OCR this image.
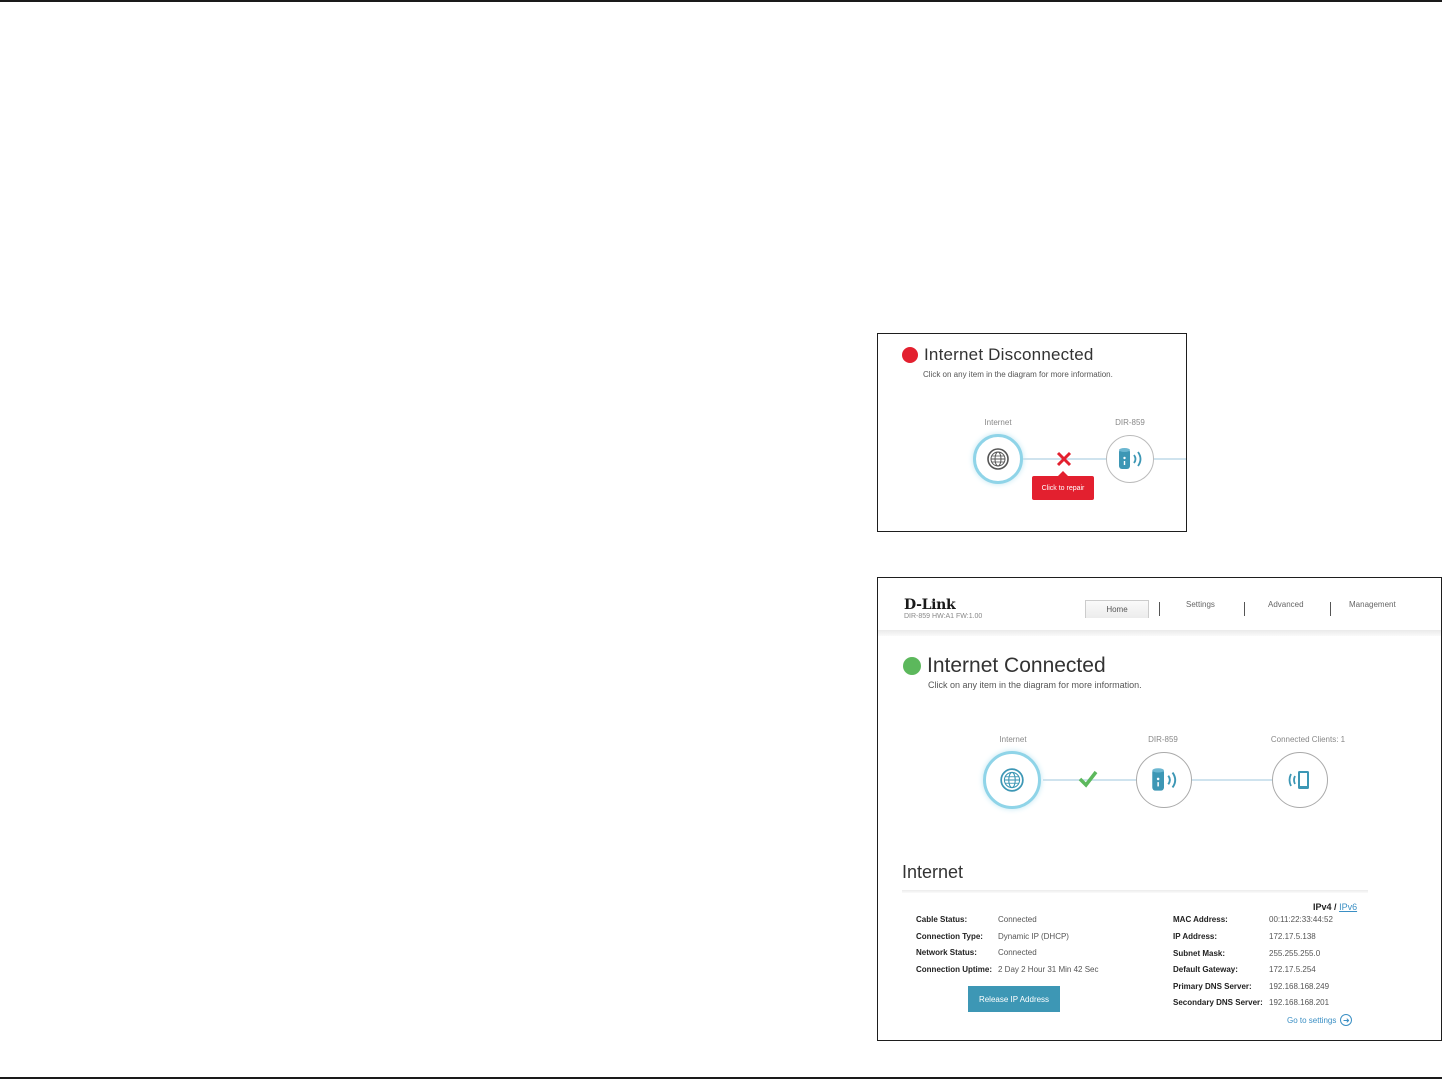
Internet Disconnected
Click on any item in the diagram for more information.
Internet	DIR-859
Click to repair
D-Link
DIR-859 HW:A1 FW:1.00
Home
Settings	Advanced	Management
Internet Connected
Click on any item in the diagram for more information.
Internet	DIR-859	Connected Clients: 1
Internet
IPv4 / IPv6
Cable Status:	Connected
Connection Type: Dynamic IP (DHCP)
Network Status:	Connected
Connection Uptime: 2 Day 2 Hour 31 Min 42 Sec
MAC Address:	00:11:22:33:44:52
IP Address:	172.17.5.138
Subnet Mask:	255.255.255.0
Default Gateway:	172.17.5.254
Primary DNS Server: 192.168.168.249
Secondary DNS Server: 192.168.168.201
Release IP Address
Go to settings ➜
